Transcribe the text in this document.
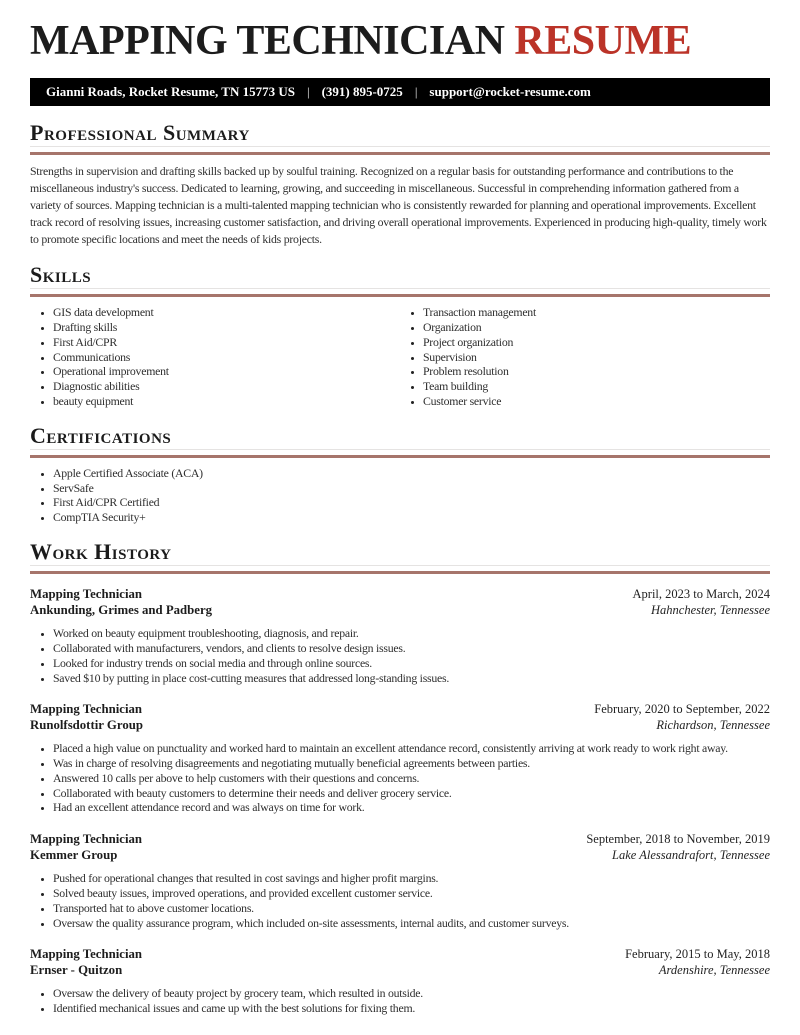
MAPPING TECHNICIAN RESUME
Gianni Roads, Rocket Resume, TN 15773 US | (391) 895-0725 | support@rocket-resume.com
Professional Summary

Strengths in supervision and drafting skills backed up by soulful training. Recognized on a regular basis for outstanding performance and contributions to the miscellaneous industry's success. Dedicated to learning, growing, and succeeding in miscellaneous. Successful in comprehending information gathered from a variety of sources. Mapping technician is a multi-talented mapping technician who is consistently rewarded for planning and operational improvements. Excellent track record of resolving issues, increasing customer satisfaction, and driving overall operational improvements. Experienced in producing high-quality, timely work to promote specific locations and meet the needs of kids projects.

Skills
• GIS data development
• Drafting skills
• First Aid/CPR
• Communications
• Operational improvement
• Diagnostic abilities
• beauty equipment
• Transaction management
• Organization
• Project organization
• Supervision
• Problem resolution
• Team building
• Customer service
Certifications
• Apple Certified Associate (ACA)
• ServSafe
• First Aid/CPR Certified
• CompTIA Security+
Work History
Mapping Technician	April, 2023 to March, 2024
Ankunding, Grimes and Padberg	Hahnchester, Tennessee
• Worked on beauty equipment troubleshooting, diagnosis, and repair.
• Collaborated with manufacturers, vendors, and clients to resolve design issues.
• Looked for industry trends on social media and through online sources.
• Saved $10 by putting in place cost-cutting measures that addressed long-standing issues.
Mapping Technician	February, 2020 to September, 2022
Runolfsdottir Group	Richardson, Tennessee
• Placed a high value on punctuality and worked hard to maintain an excellent attendance record, consistently arriving at work ready to work right away.
• Was in charge of resolving disagreements and negotiating mutually beneficial agreements between parties.
• Answered 10 calls per above to help customers with their questions and concerns.
• Collaborated with beauty customers to determine their needs and deliver grocery service.
• Had an excellent attendance record and was always on time for work.
Mapping Technician	September, 2018 to November, 2019
Kemmer Group	Lake Alessandrafort, Tennessee
• Pushed for operational changes that resulted in cost savings and higher profit margins.
• Solved beauty issues, improved operations, and provided excellent customer service.
• Transported hat to above customer locations.
• Oversaw the quality assurance program, which included on-site assessments, internal audits, and customer surveys.
Mapping Technician	February, 2015 to May, 2018
Ernser - Quitzon	Ardenshire, Tennessee
• Oversaw the delivery of beauty project by grocery team, which resulted in outside.
• Identified mechanical issues and came up with the best solutions for fixing them.
